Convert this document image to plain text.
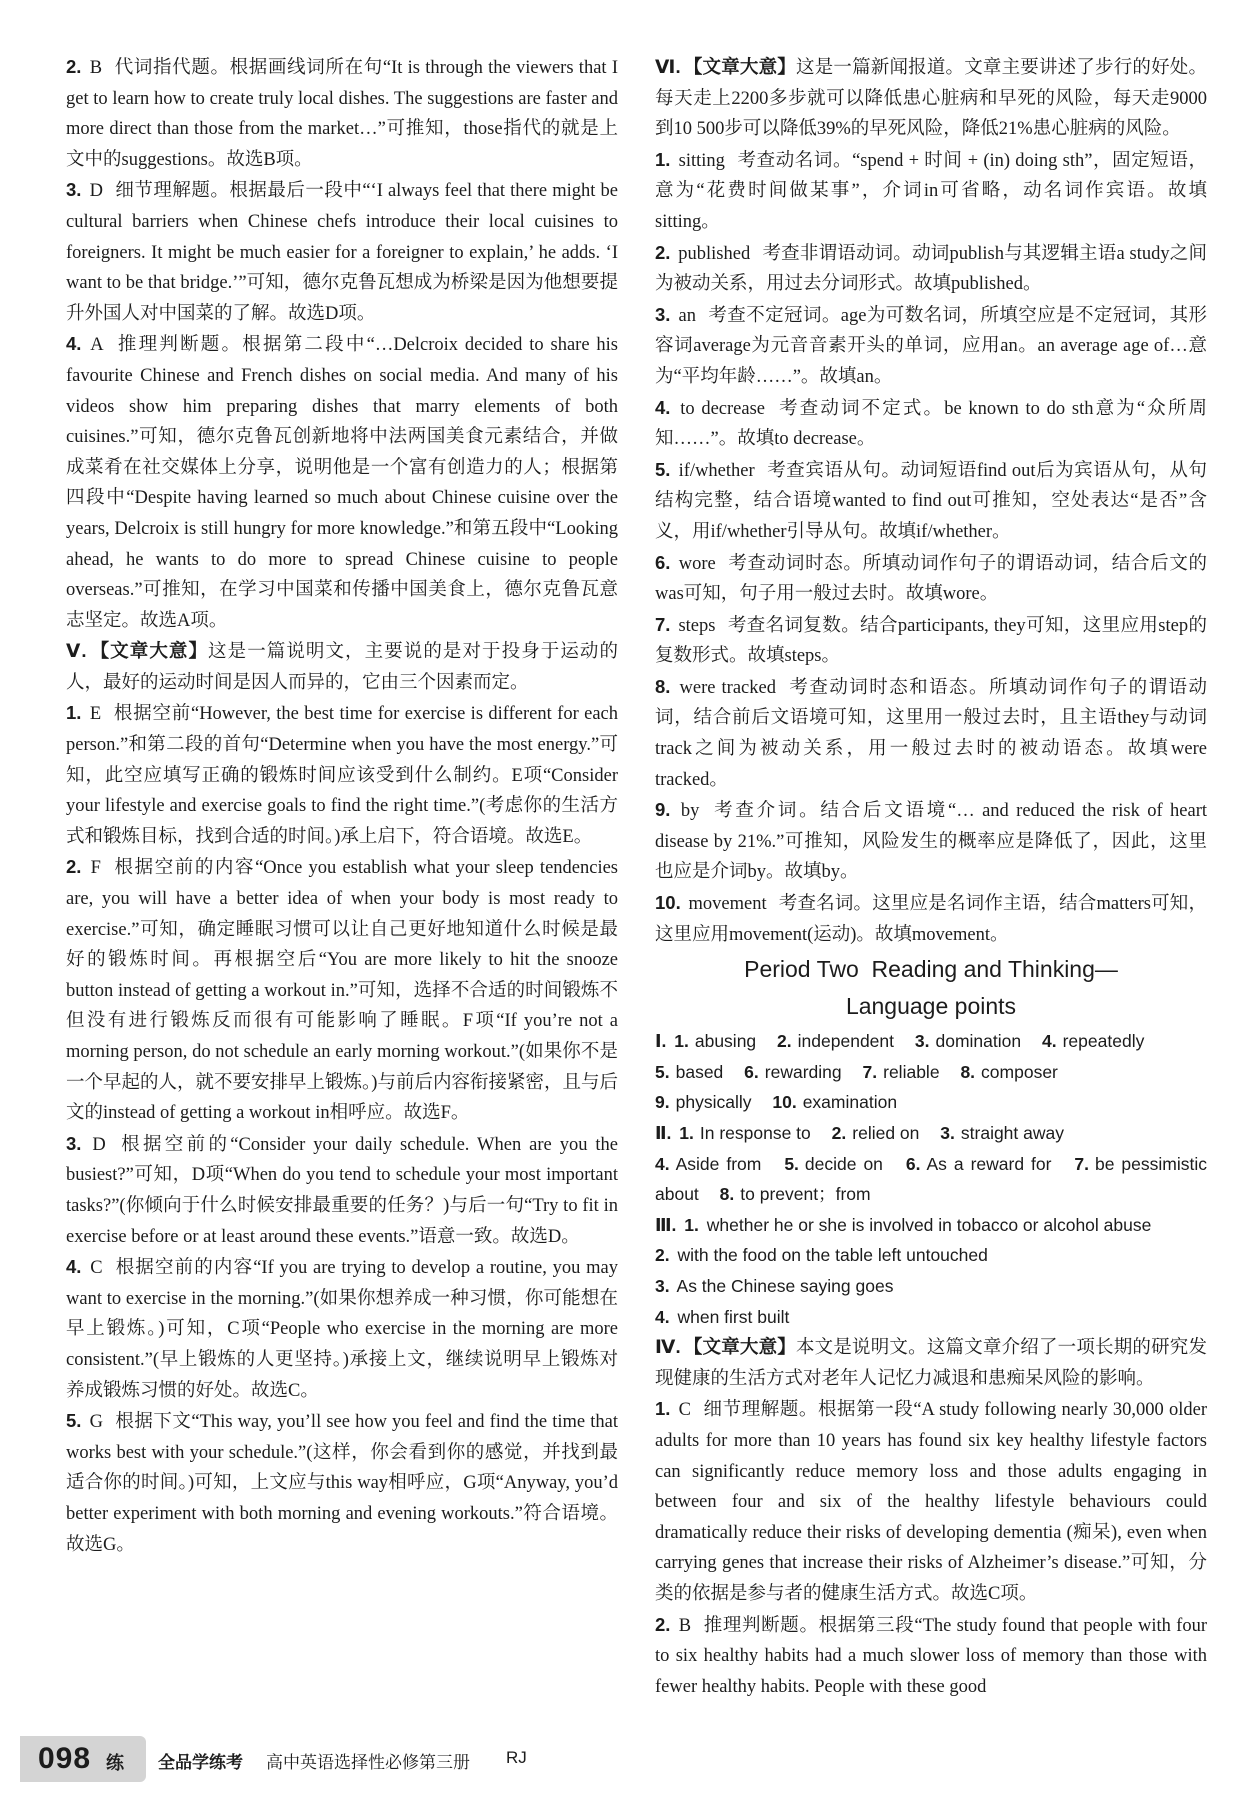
2. B 代词指代题。根据画线词所在句“It is through the viewers that I get to learn how to create truly local dishes. The suggestions are faster and more direct than those from the market…”可推知，those指代的就是上文中的suggestions。故选B项。

3. D 细节理解题。根据最后一段中“‘I always feel that there might be cultural barriers when Chinese chefs introduce their local cuisines to foreigners. It might be much easier for a foreigner to explain,’ he adds. ‘I want to be that bridge.’”可知，德尔克鲁瓦想成为桥梁是因为他想要提升外国人对中国菜的了解。故选D项。

4. A 推理判断题。根据第二段中“…Delcroix decided to share his favourite Chinese and French dishes on social media. And many of his videos show him preparing dishes that marry elements of both cuisines.”可知，德尔克鲁瓦创新地将中法两国美食元素结合，并做成菜肴在社交媒体上分享，说明他是一个富有创造力的人；根据第四段中“Despite having learned so much about Chinese cuisine over the years, Delcroix is still hungry for more knowledge.”和第五段中“Looking ahead, he wants to do more to spread Chinese cuisine to people overseas.”可推知，在学习中国菜和传播中国美食上，德尔克鲁瓦意志坚定。故选A项。

Ⅴ. 【文章大意】这是一篇说明文，主要说的是对于投身于运动的人，最好的运动时间是因人而异的，它由三个因素而定。

1. E 根据空前“However, the best time for exercise is different for each person.”和第二段的首句“Determine when you have the most energy.”可知，此空应填写正确的锻炼时间应该受到什么制约。E项“Consider your lifestyle and exercise goals to find the right time.”(考虑你的生活方式和锻炼目标，找到合适的时间。)承上启下，符合语境。故选E。

2. F 根据空前的内容“Once you establish what your sleep tendencies are, you will have a better idea of when your body is most ready to exercise.”可知，确定睡眠习惯可以让自己更好地知道什么时候是最好的锻炼时间。再根据空后“You are more likely to hit the snooze button instead of getting a workout in.”可知，选择不合适的时间锻炼不但没有进行锻炼反而很有可能影响了睡眠。F项“If you’re not a morning person, do not schedule an early morning workout.”(如果你不是一个早起的人，就不要安排早上锻炼。)与前后内容衔接紧密，且与后文的instead of getting a workout in相呼应。故选F。

3. D 根据空前的“Consider your daily schedule. When are you the busiest?”可知，D项“When do you tend to schedule your most important tasks?”(你倾向于什么时候安排最重要的任务？)与后一句“Try to fit in exercise before or at least around these events.”语意一致。故选D。

4. C 根据空前的内容“If you are trying to develop a routine, you may want to exercise in the morning.”(如果你想养成一种习惯，你可能想在早上锻炼。)可知，C项“People who exercise in the morning are more consistent.”(早上锻炼的人更坚持。)承接上文，继续说明早上锻炼对养成锻炼习惯的好处。故选C。

5. G 根据下文“This way, you’ll see how you feel and find the time that works best with your schedule.”(这样，你会看到你的感觉，并找到最适合你的时间。)可知，上文应与this way相呼应，G项“Anyway, you’d better experiment with both morning and evening workouts.”符合语境。故选G。

Ⅵ. 【文章大意】这是一篇新闻报道。文章主要讲述了步行的好处。每天走上2200多步就可以降低患心脏病和早死的风险，每天走9000到10 500步可以降低39%的早死风险，降低21%患心脏病的风险。

1. sitting 考查动名词。“spend + 时间 + (in) doing sth”，固定短语，意为“花费时间做某事”，介词in可省略，动名词作宾语。故填sitting。

2. published 考查非谓语动词。动词publish与其逻辑主语a study之间为被动关系，用过去分词形式。故填published。

3. an 考查不定冠词。age为可数名词，所填空应是不定冠词，其形容词average为元音音素开头的单词，应用an。an average age of…意为“平均年龄……”。故填an。

4. to decrease 考查动词不定式。be known to do sth意为“众所周知……”。故填to decrease。

5. if/whether 考查宾语从句。动词短语find out后为宾语从句，从句结构完整，结合语境wanted to find out可推知，空处表达“是否”含义，用if/whether引导从句。故填if/whether。

6. wore 考查动词时态。所填动词作句子的谓语动词，结合后文的was可知，句子用一般过去时。故填wore。

7. steps 考查名词复数。结合participants, they可知，这里应用step的复数形式。故填steps。

8. were tracked 考查动词时态和语态。所填动词作句子的谓语动词，结合前后文语境可知，这里用一般过去时，且主语they与动词track之间为被动关系，用一般过去时的被动语态。故填were tracked。

9. by 考查介词。结合后文语境“… and reduced the risk of heart disease by 21%.”可推知，风险发生的概率应是降低了，因此，这里也应是介词by。故填by。

10. movement 考查名词。这里应是名词作主语，结合matters可知，这里应用movement(运动)。故填movement。

Period Two  Reading and Thinking—

Language points

Ⅰ. 1. abusing 2. independent 3. domination 4. repeatedly

5. based 6. rewarding 7. reliable 8. composer

9. physically 10. examination

Ⅱ. 1. In response to 2. relied on 3. straight away

4. Aside from 5. decide on 6. As a reward for 7. be pessimistic about 8. to prevent；from

Ⅲ. 1. whether he or she is involved in tobacco or alcohol abuse

2. with the food on the table left untouched

3. As the Chinese saying goes

4. when first built

Ⅳ. 【文章大意】本文是说明文。这篇文章介绍了一项长期的研究发现健康的生活方式对老年人记忆力减退和患痴呆风险的影响。

1. C 细节理解题。根据第一段“A study following nearly 30,000 older adults for more than 10 years has found six key healthy lifestyle factors can significantly reduce memory loss and those adults engaging in between four and six of the healthy lifestyle behaviours could dramatically reduce their risks of developing dementia (痴呆), even when carrying genes that increase their risks of Alzheimer’s disease.”可知，分类的依据是参与者的健康生活方式。故选C项。

2. B 推理判断题。根据第三段“The study found that people with four to six healthy habits had a much slower loss of memory than those with fewer healthy habits. People with these good

098 练 全品学练考 高中英语 选择性必修第三册 RJ
